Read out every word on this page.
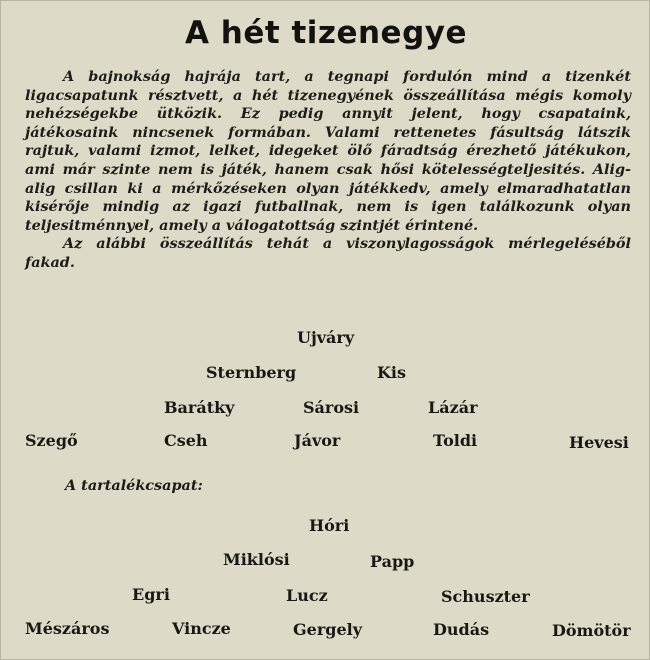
A hét tizenegye

A bajnokság hajrája tart, a tegnapi fordulón mind a tizenkét ligacsapatunk résztvett, a hét tizenegyének összeállítása mégis komoly nehézségekbe ütközik. Ez pedig annyit jelent, hogy csapataink, játékosaink nincsenek formában. Valami rettenetes fásultság látszik rajtuk, valami izmot, lelket, idegeket ölő fáradtság érezhető játékukon, ami már szinte nem is játék, hanem csak hősi kötelességteljesités. Alig-alig csillan ki a mérkőzéseken olyan játékkedv, amely elmaradhatatlan kisérője mindig az igazi futballnak, nem is igen találkozunk olyan teljesitménnyel, amely a válogatottság szintjét érintené.

Az alábbi összeállítás tehát a viszonylagosságok mérlegeléséből fakad.

Ujváry
Sternberg	Kis
Barátky	Sárosi	Lázár
Szegő	Cseh	Jávor	Toldi	Hevesi
A tartalékcsapat:
Hóri
Miklósi	Papp
Egri	Lucz	Schuszter
Mészáros	Vincze	Gergely	Dudás	Dömötör
